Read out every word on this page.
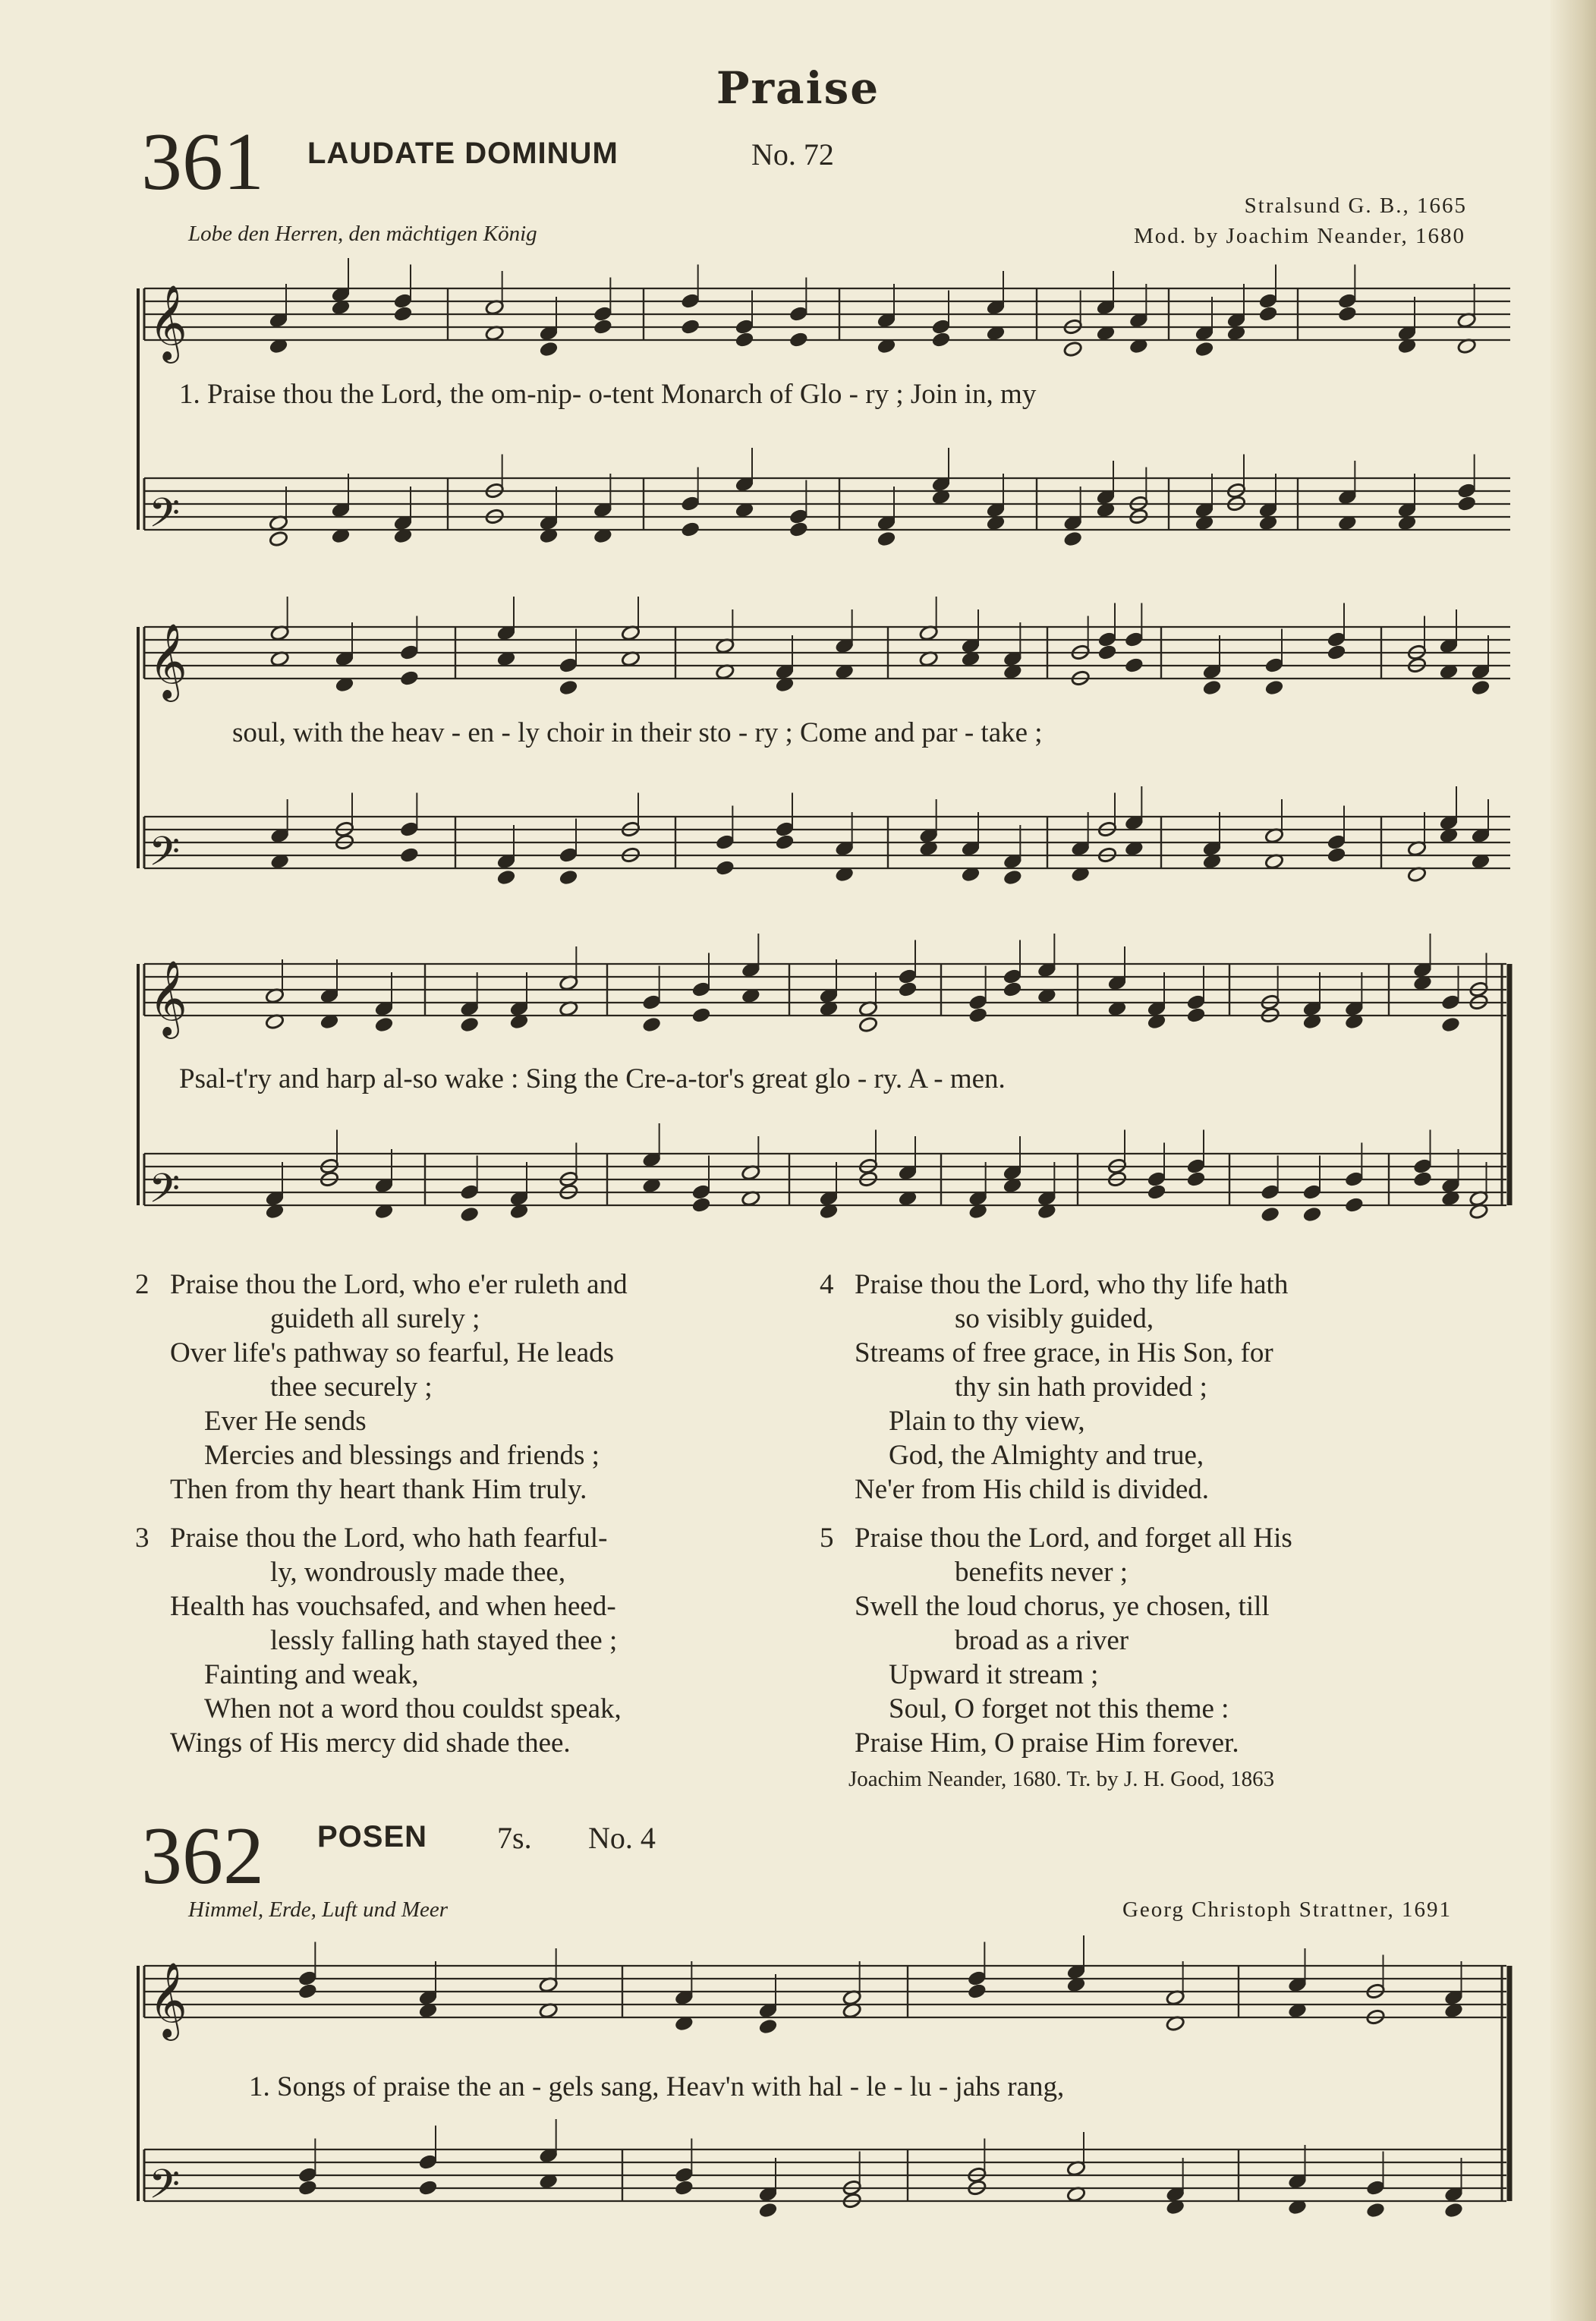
Praise
361 LAUDATE DOMINUM	No. 72
Stralsund G. B., 1665
Lobe den Herren, den mächtigen König	Mod. by Joachim Neander, 1680
𝄞
𝄢
𝄞
𝄢
𝄞
𝄢
𝄞
𝄢
1. Praise thou the Lord, the om-nip- o-tent Monarch of Glo - ry ; Join in, my
soul, with the heav - en - ly choir in their sto - ry ; Come and par - take ;
Psal-t'ry and harp al-so wake : Sing the Cre-a-tor's great glo - ry. A - men.
2 Praise thou the Lord, who e'er ruleth and
guideth all surely ;
Over life's pathway so fearful, He leads
thee securely ;
Ever He sends
Mercies and blessings and friends ;
Then from thy heart thank Him truly.
3 Praise thou the Lord, who hath fearful-
ly, wondrously made thee,
Health has vouchsafed, and when heed-
lessly falling hath stayed thee ;
Fainting and weak,
When not a word thou couldst speak,
Wings of His mercy did shade thee.
4 Praise thou the Lord, who thy life hath
so visibly guided,
Streams of free grace, in His Son, for
thy sin hath provided ;
Plain to thy view,
God, the Almighty and true,
Ne'er from His child is divided.
5 Praise thou the Lord, and forget all His
benefits never ;
Swell the loud chorus, ye chosen, till
broad as a river
Upward it stream ;
Soul, O forget not this theme :
Praise Him, O praise Him forever.
Joachim Neander, 1680. Tr. by J. H. Good, 1863
362 POSEN 7s. No. 4
Himmel, Erde, Luft und Meer	Georg Christoph Strattner, 1691
1. Songs of praise the an - gels sang, Heav'n with hal - le - lu - jahs rang,
